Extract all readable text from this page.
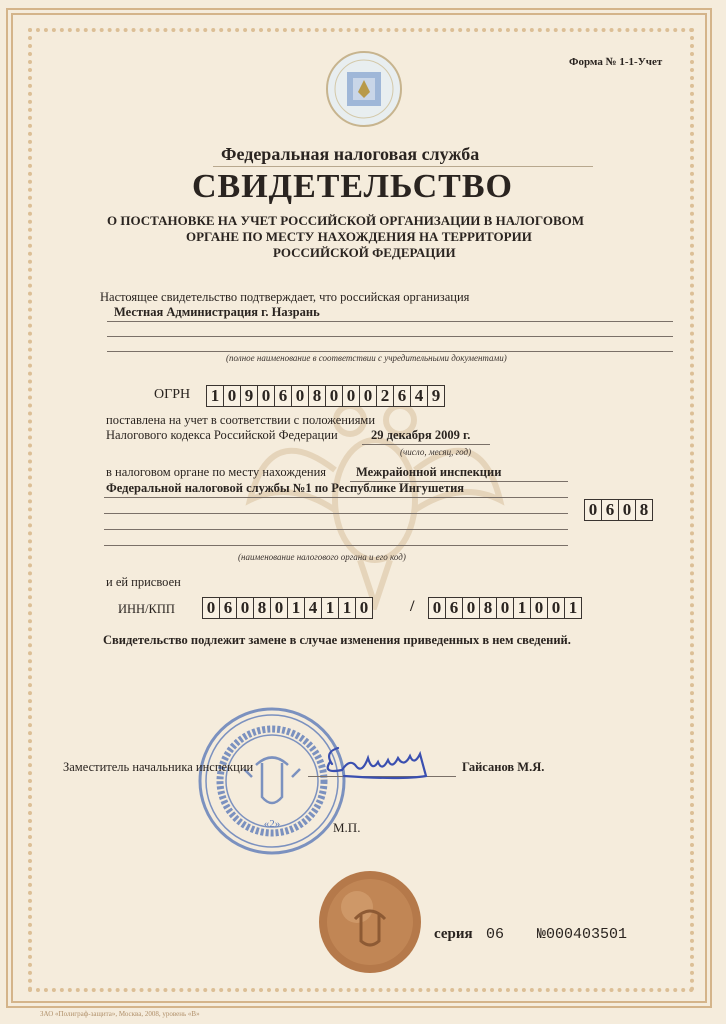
Форма № 1-1-Учет
Федеральная налоговая служба
СВИДЕТЕЛЬСТВО
О ПОСТАНОВКЕ НА УЧЕТ РОССИЙСКОЙ ОРГАНИЗАЦИИ В НАЛОГОВОМ
ОРГАНЕ ПО МЕСТУ НАХОЖДЕНИЯ НА ТЕРРИТОРИИ
РОССИЙСКОЙ ФЕДЕРАЦИИ
Настоящее свидетельство подтверждает, что российская организация
Местная Администрация г. Назрань
(полное наименование в соответствии с учредительными документами)
ОГРН 1 0 9 0 6 0 8 0 0 0 2 6 4 9
поставлена на учет в соответствии с положениями
Налогового кодекса Российской Федерации	29 декабря 2009 г.
(число, месяц, год)
в налоговом органе по месту нахождения Межрайонной инспекции
Федеральной налоговой службы №1 по Республике Ингушетия
0 6 0 8
(наименование налогового органа и его код)
и ей присвоен
ИНН/КПП 0 6 0 8 0 1 4 1 1 0	/ 0 6 0 8 0 1 0 0 1
Свидетельство подлежит замене в случае изменения приведенных в нем сведений.
«2»
Заместитель начальника инспекции	Гайсанов М.Я.
М.П.
серия 06 №000403501
ЗАО «Полиграф-защита», Москва, 2008, уровень «В»
